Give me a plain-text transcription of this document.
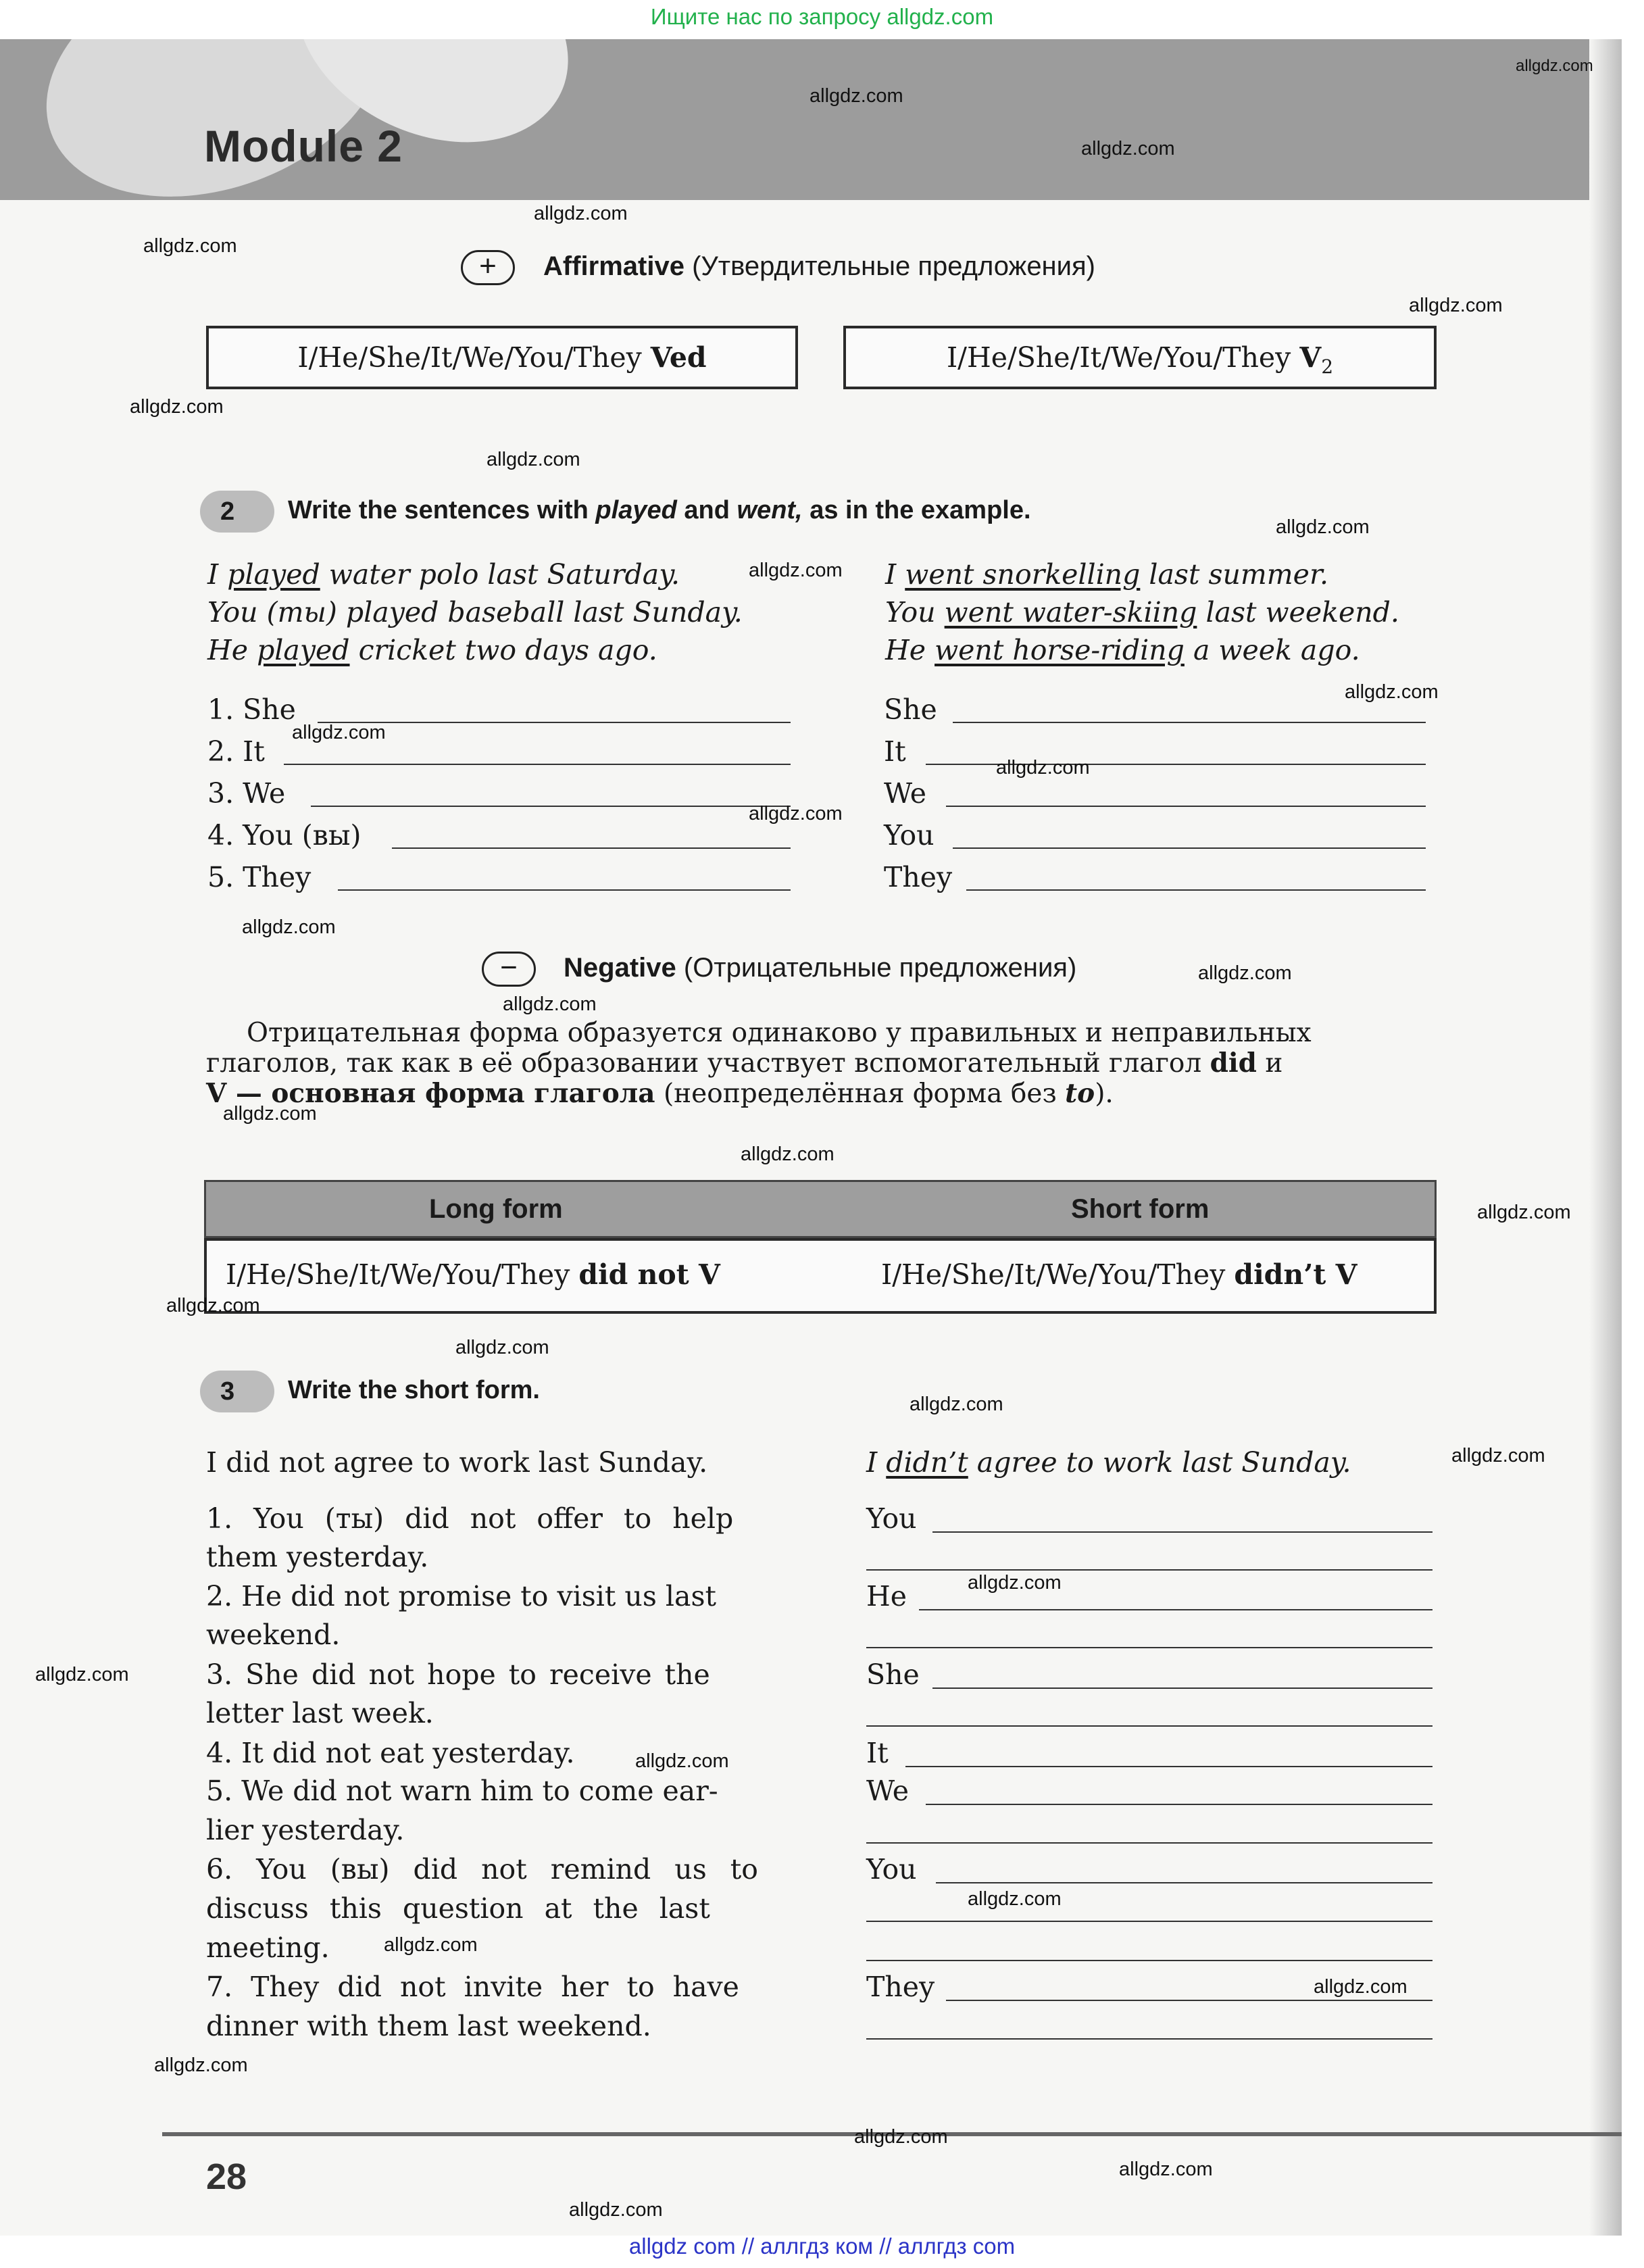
Ищите нас по запросу allgdz.com
Module 2
+	Affirmative (Утвердительные предложения)
I/He/She/It/We/You/They Ved	I/He/She/It/We/You/They $V_2$
2	Write the sentences with played and went, as in the example.
I played water polo last Saturday.
You (ты) played baseball last Sunday.
He played cricket two days ago.
I went snorkelling last summer.
You went water-skiing last weekend.
He went horse-riding a week ago.
1. She
2. It
3. We
4. You (вы)
5. They
She
It
We
You
They
−	Negative (Отрицательные предложения)
Отрицательная форма образуется одинаково у правильных и неправильных
глаголов, так как в её образовании участвует вспомогательный глагол did и
V — основная форма глагола (неопределённая форма без to).
Long form	Short form
I/He/She/It/We/You/They did not V	I/He/She/It/We/You/They didn’t V
3	Write the short form.
I did not agree to work last Sunday.	I didn’t agree to work last Sunday.
1. You (ты) did not offer to help
them yesterday.
You
2. He did not promise to visit us last
weekend.
He
3. She did not hope to receive the
letter last week.
She
4. It did not eat yesterday.	It
5. We did not warn him to come ear-
lier yesterday.
We
6. You (вы) did not remind us to
discuss this question at the last
meeting.
You
7. They did not invite her to have
dinner with them last weekend.
They
28
allgdz.com
allgdz.com
allgdz.com
allgdz.com
allgdz.com
allgdz.com
allgdz.com
allgdz.com
allgdz.com
allgdz.com
allgdz.com
allgdz.com
allgdz.com
allgdz.com
allgdz.com
allgdz.com
allgdz.com
allgdz.com
allgdz.com
allgdz.com
allgdz.com
allgdz.com
allgdz.com
allgdz.com
allgdz.com
allgdz.com
allgdz.com
allgdz.com
allgdz.com
allgdz.com
allgdz.com
allgdz.com
allgdz.com
allgdz.com
allgdz com // аллгдз ком // аллгдз com
